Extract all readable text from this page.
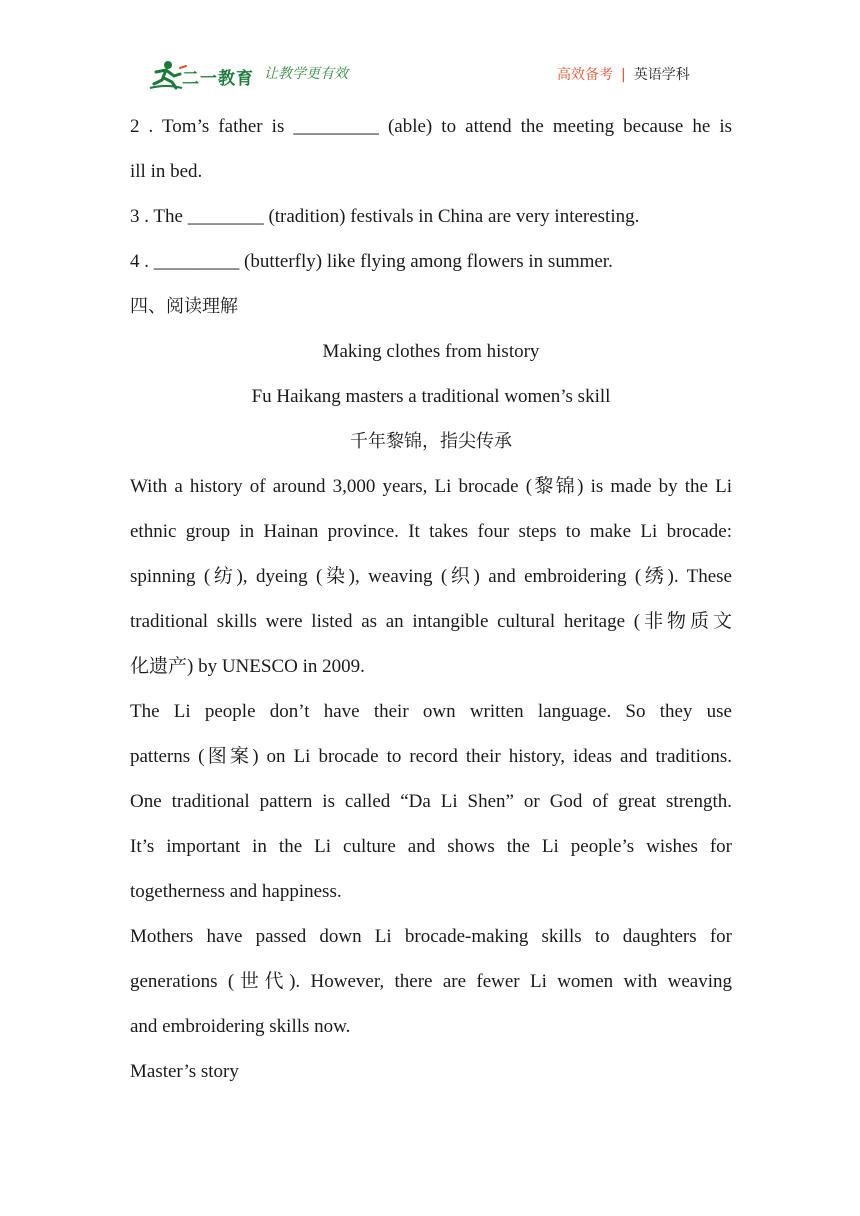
二一教育 让教学更有效	高效备考 | 英语学科
2 . Tom’s father is _________ (able) to attend the meeting because he is
ill in bed.
3 . The ________ (tradition) festivals in China are very interesting.
4 . _________ (butterfly) like flying among flowers in summer.
四、阅读理解
Making clothes from history
Fu Haikang masters a traditional women’s skill
千年黎锦，指尖传承
With a history of around 3,000 years, Li brocade (黎锦) is made by the Li
ethnic group in Hainan province. It takes four steps to make Li brocade:
spinning (纺), dyeing (染), weaving (织) and embroidering (绣). These
traditional skills were listed as an intangible cultural heritage (非物质文
化遗产) by UNESCO in 2009.
The Li people don’t have their own written language. So they use
patterns (图案) on Li brocade to record their history, ideas and traditions.
One traditional pattern is called “Da Li Shen” or God of great strength.
It’s important in the Li culture and shows the Li people’s wishes for
togetherness and happiness.
Mothers have passed down Li brocade-making skills to daughters for
generations (世代). However, there are fewer Li women with weaving
and embroidering skills now.
Master’s story
